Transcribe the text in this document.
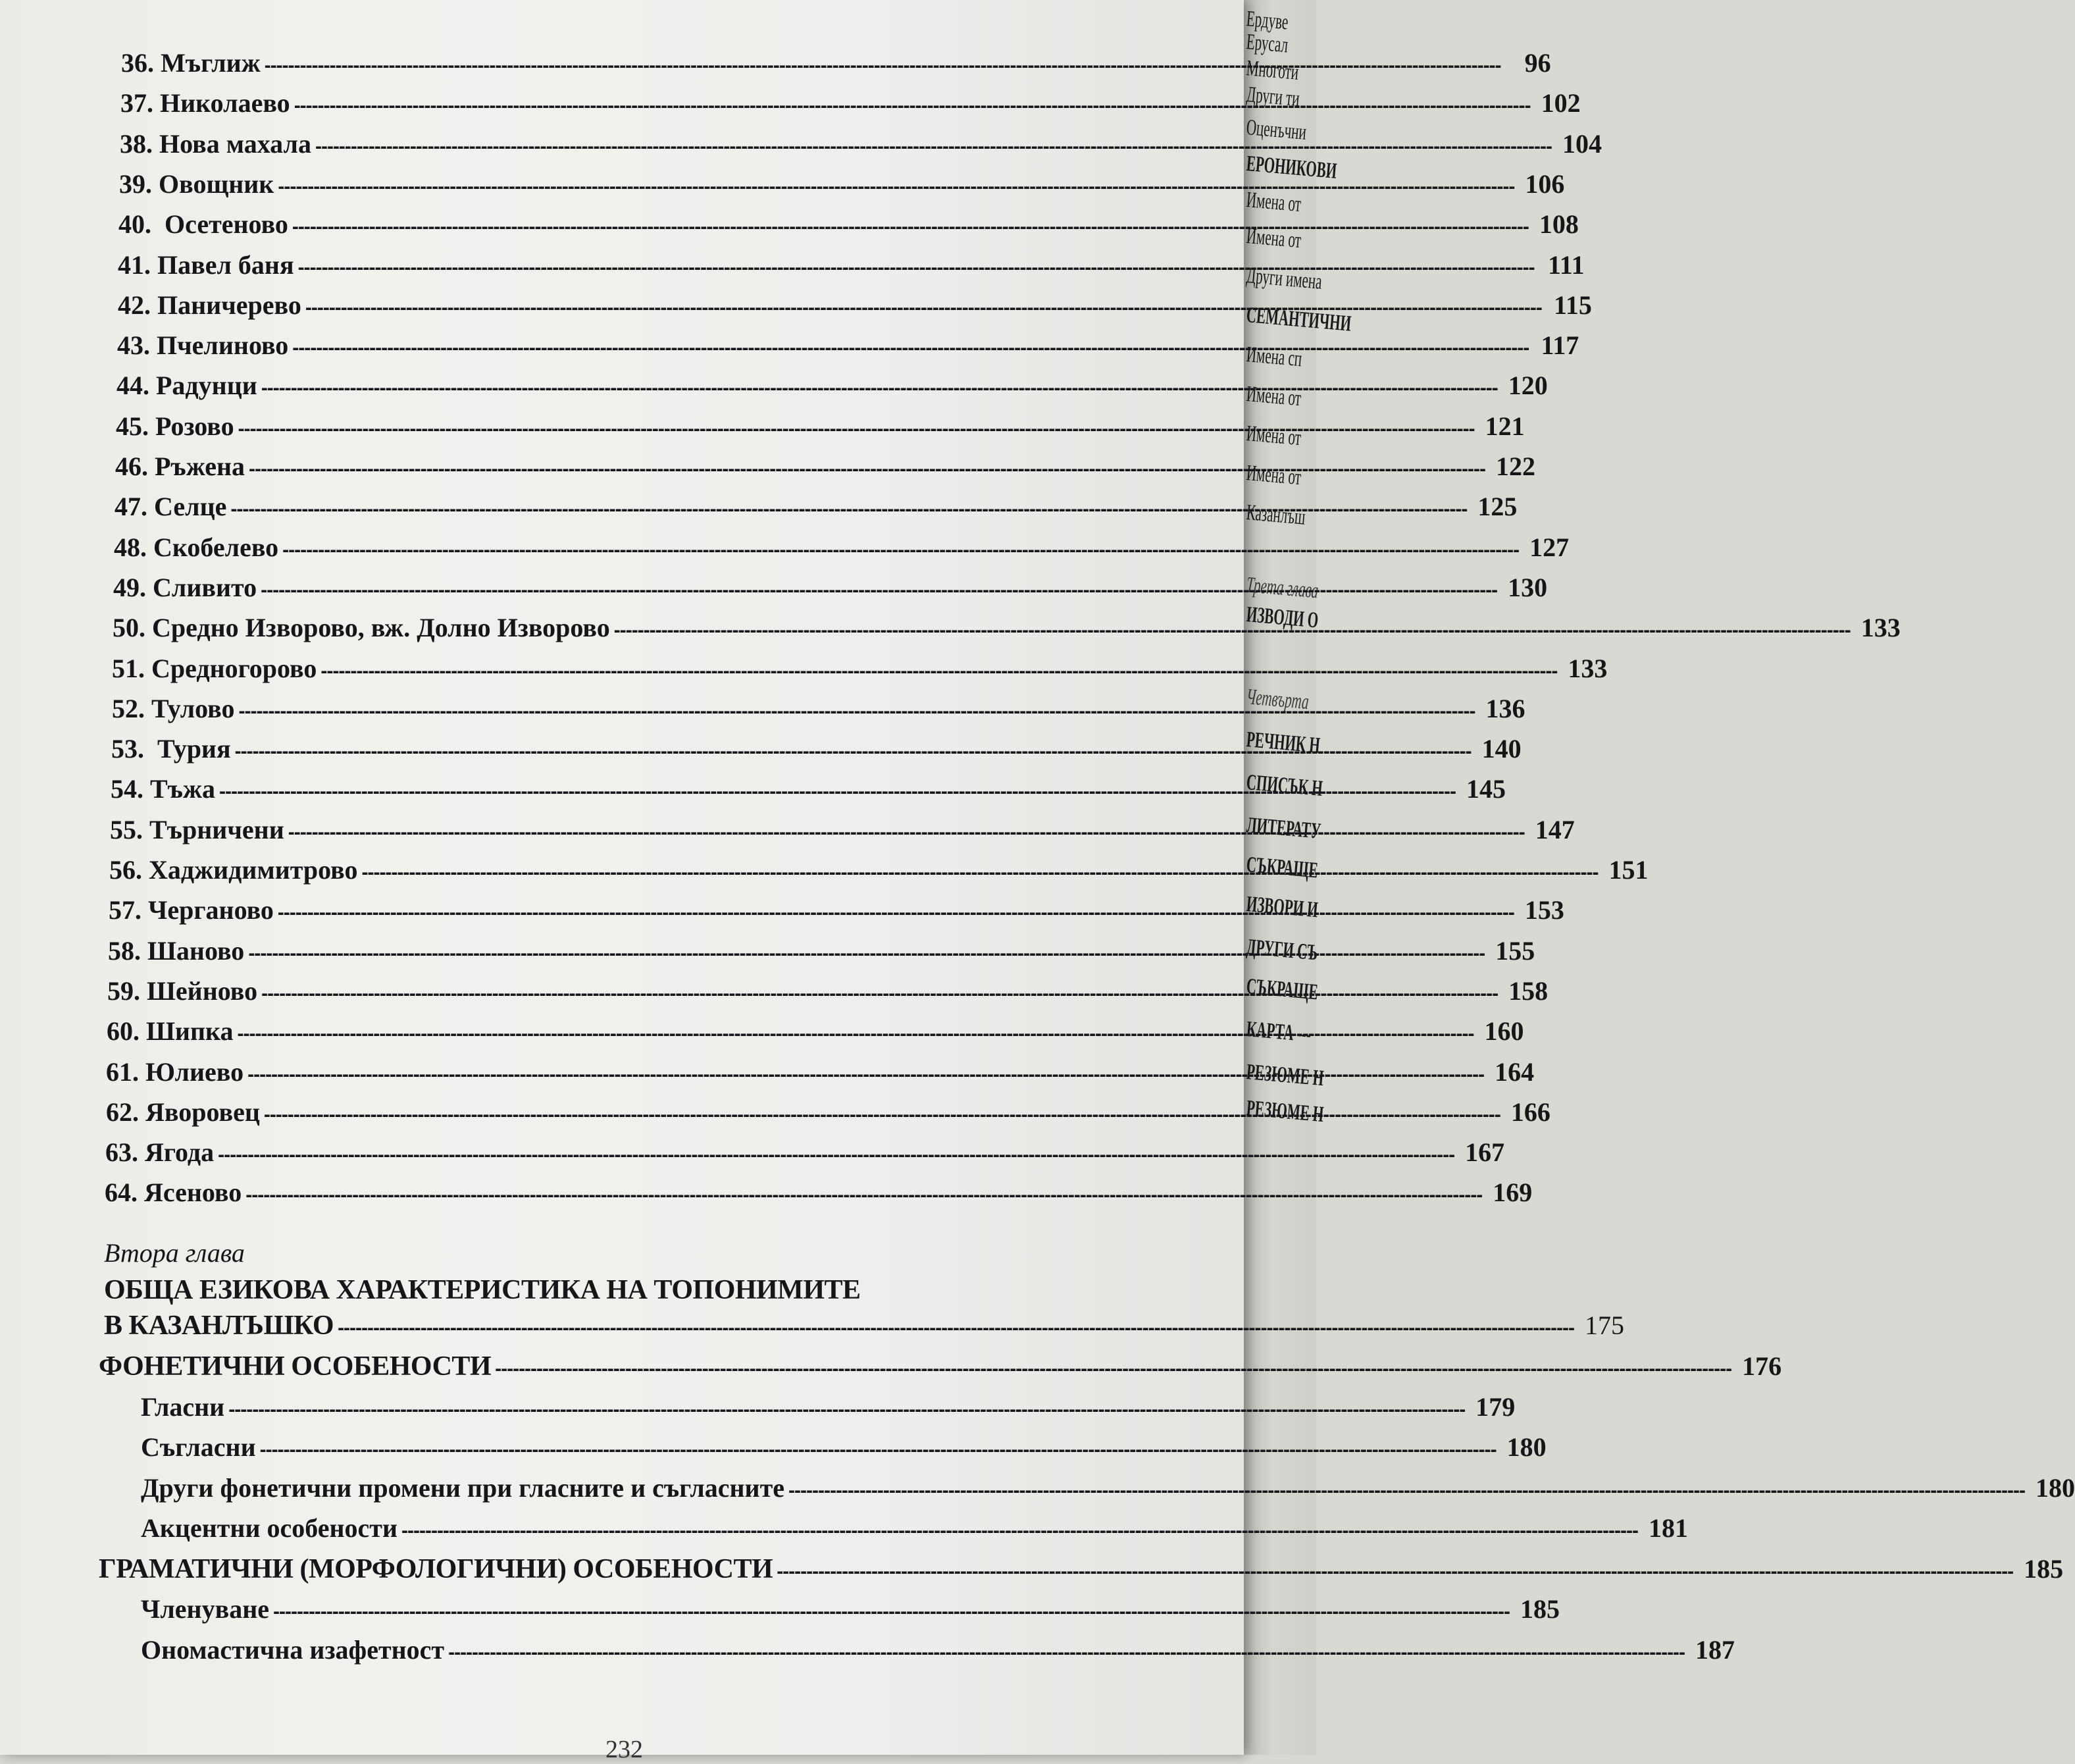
36. Мъглиж -----	96
37. Николаево -----	102
38. Нова махала -----	104
39. Овощник -----	106
40.  Осетеново -----	108
41. Павел баня -----	111
42. Паничерево -----	115
43. Пчелиново -----	117
44. Радунци -----	120
45. Розово -----	121
46. Ръжена -----	122
47. Селце -----	125
48. Скобелево -----	127
49. Сливито -----	130
50. Средно Изворово, вж. Долно Изворово -----	133
51. Средногорово -----	133
52. Тулово -----	136
53.  Турия -----	140
54. Тъжа -----	145
55. Търничени -----	147
56. Хаджидимитрово -----	151
57. Черганово -----	153
58. Шаново -----	155
59. Шейново -----	158
60. Шипка -----	160
61. Юлиево -----	164
62. Яворовец -----	166
63. Ягода -----	167
64. Ясеново -----	169
Втора глава
ОБЩА ЕЗИКОВА ХАРАКТЕРИСТИКА НА ТОПОНИМИТЕ
В КАЗАНЛЪШКО -----	175
ФОНЕТИЧНИ ОСОБЕНОСТИ -----	176
Гласни -----	179
Съгласни -----	180
Други фонетични промени при гласните и съгласните -----	180
Акцентни особености -----	181
ГРАМАТИЧНИ (МОРФОЛОГИЧНИ) ОСОБЕНОСТИ -----	185
Членуване -----	185
Ономастична изафетност -----	187
232
Ердуве
Ерусал
Многоти
Други ти
Оценъчни
ЕРОНИКОВИ
Имена от
Имена от
Други имена
СЕМАНТИЧНИ
Имена сп
Имена от
Имена от
Имена от
Казанлъш
Трета глава
ИЗВОДИ О
Четвърта
РЕЧНИК Н
СПИСЪК Н
ЛИТЕРАТУ
СЪКРАЩЕ
ИЗВОРИ И
ДРУГИ СЪ
СЪКРАЩЕ
КАРТА ---
РЕЗЮМЕ Н
РЕЗЮМЕ Н
